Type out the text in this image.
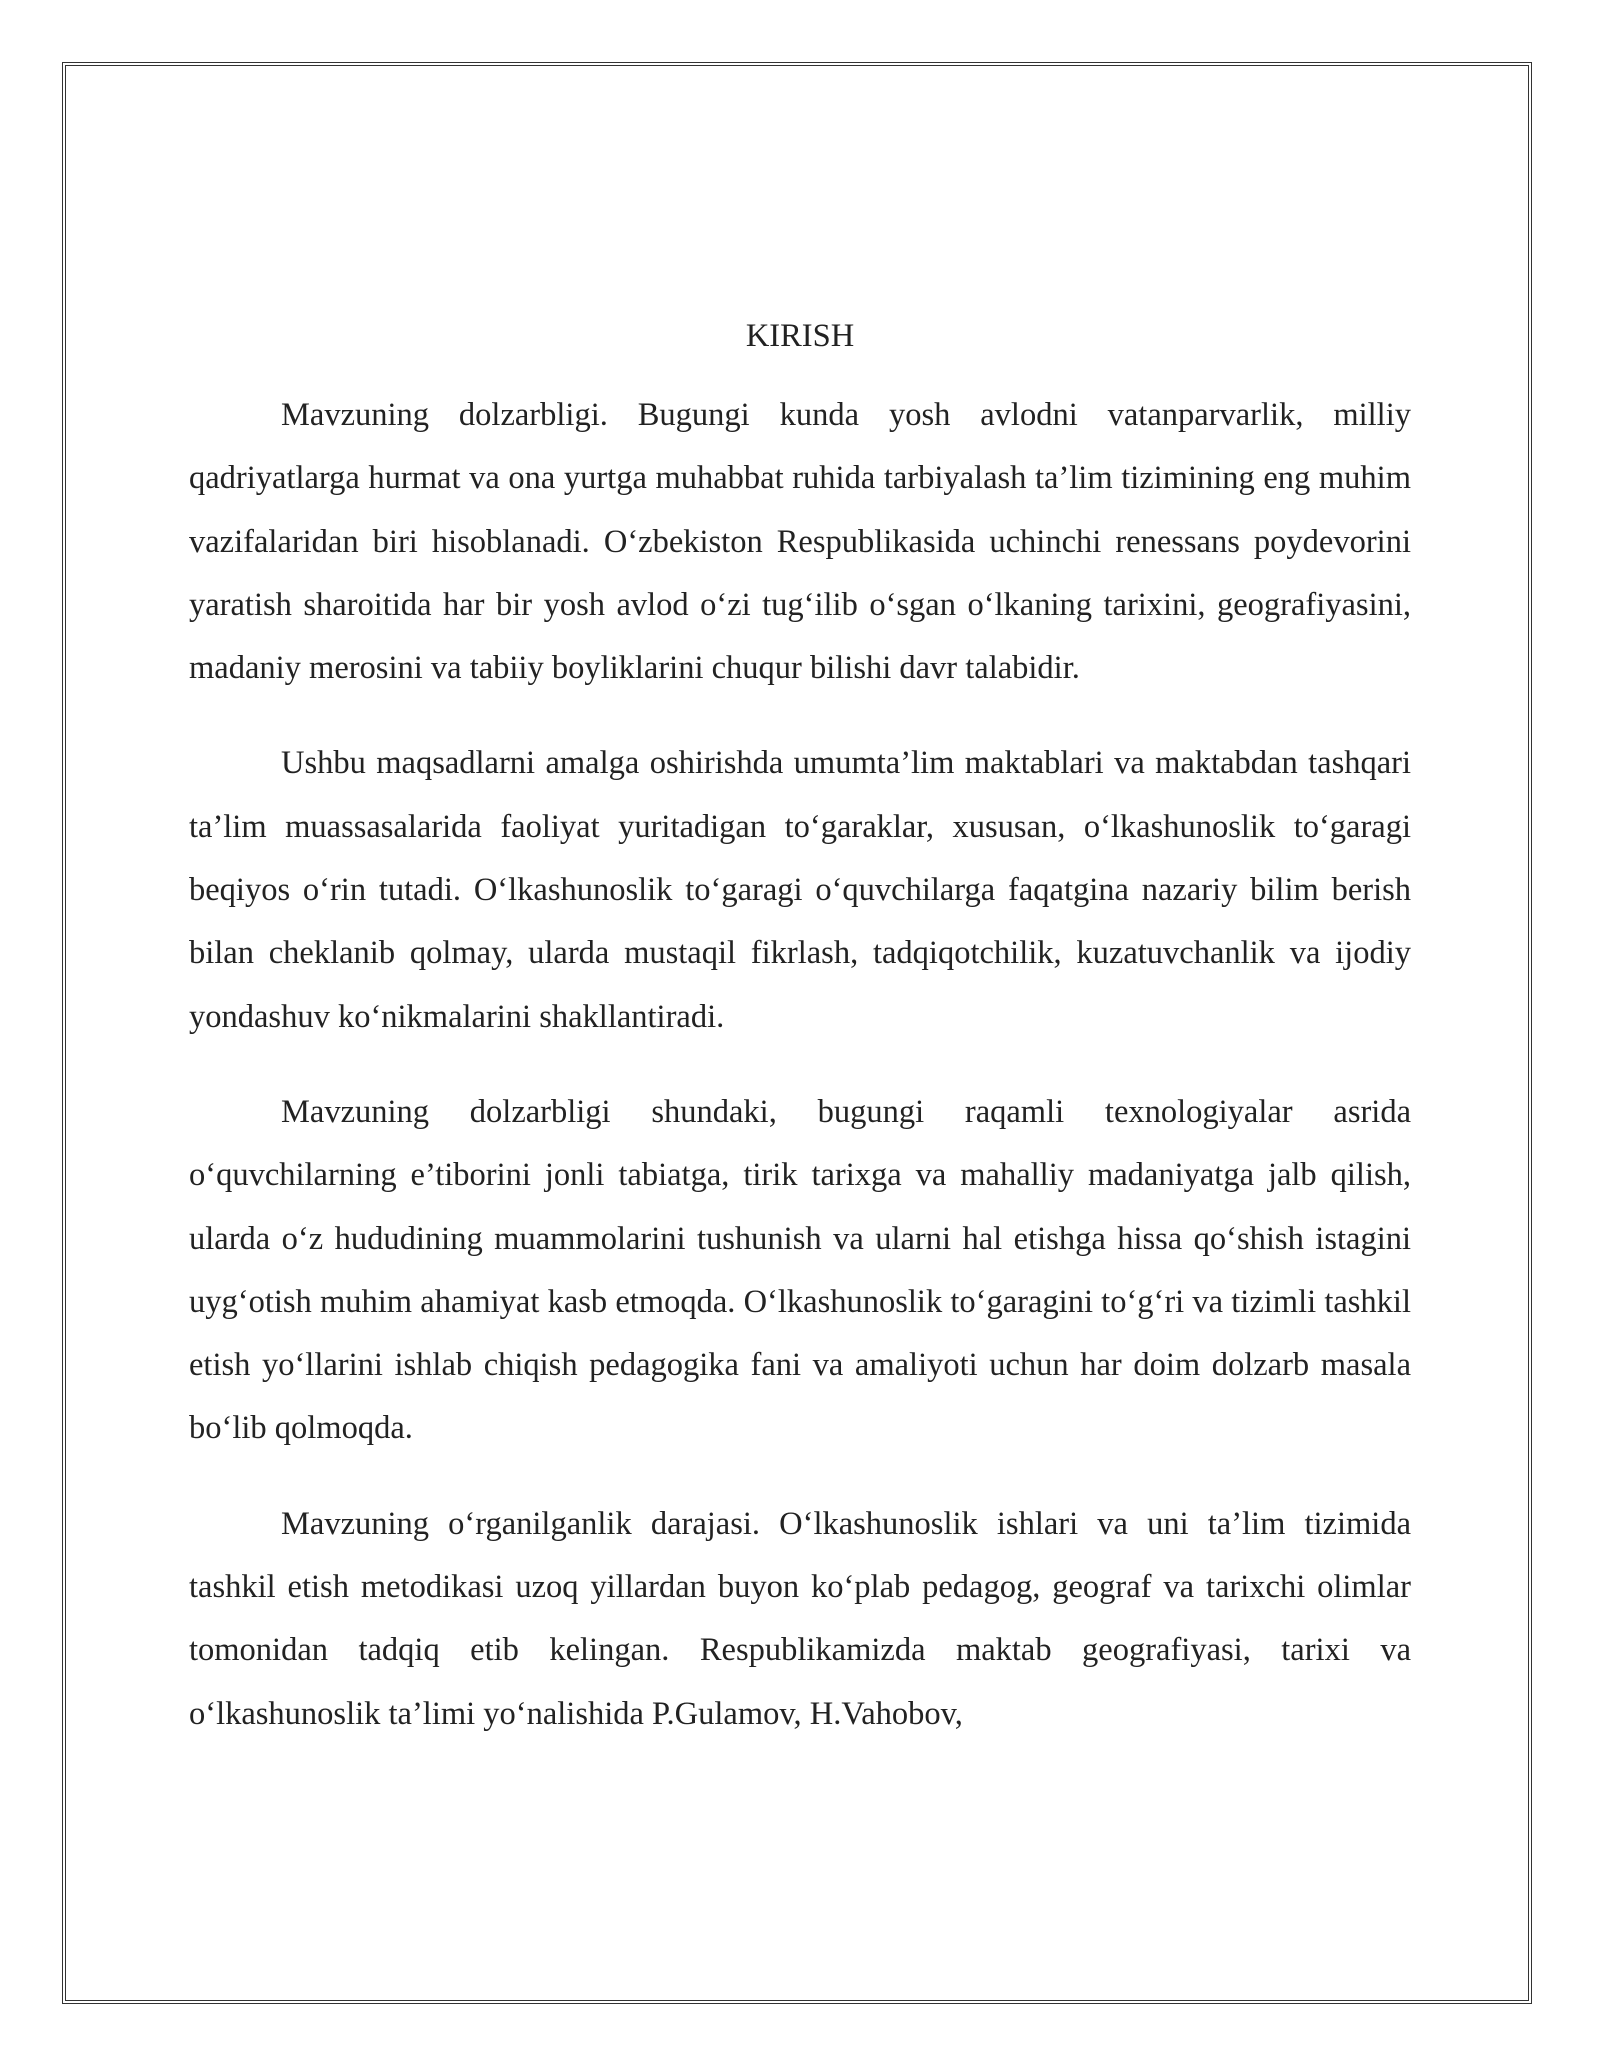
KIRISH

Mavzuning dolzarbligi. Bugungi kunda yosh avlodni vatanparvarlik, milliy qadriyatlarga hurmat va ona yurtga muhabbat ruhida tarbiyalash ta’lim tizimining eng muhim vazifalaridan biri hisoblanadi. O‘zbekiston Respublikasida uchinchi renessans poydevorini yaratish sharoitida har bir yosh avlod o‘zi tug‘ilib o‘sgan o‘lkaning tarixini, geografiyasini, madaniy merosini va tabiiy boyliklarini chuqur bilishi davr talabidir.

Ushbu maqsadlarni amalga oshirishda umumta’lim maktablari va maktabdan tashqari ta’lim muassasalarida faoliyat yuritadigan to‘garaklar, xususan, o‘lkashunoslik to‘garagi beqiyos o‘rin tutadi. O‘lkashunoslik to‘garagi o‘quvchilarga faqatgina nazariy bilim berish bilan cheklanib qolmay, ularda mustaqil fikrlash, tadqiqotchilik, kuzatuvchanlik va ijodiy yondashuv ko‘nikmalarini shakllantiradi.

Mavzuning dolzarbligi shundaki, bugungi raqamli texnologiyalar asrida o‘quvchilarning e’tiborini jonli tabiatga, tirik tarixga va mahalliy madaniyatga jalb qilish, ularda o‘z hududining muammolarini tushunish va ularni hal etishga hissa qo‘shish istagini uyg‘otish muhim ahamiyat kasb etmoqda. O‘lkashunoslik to‘garagini to‘g‘ri va tizimli tashkil etish yo‘llarini ishlab chiqish pedagogika fani va amaliyoti uchun har doim dolzarb masala bo‘lib qolmoqda.

Mavzuning o‘rganilganlik darajasi. O‘lkashunoslik ishlari va uni ta’lim tizimida tashkil etish metodikasi uzoq yillardan buyon ko‘plab pedagog, geograf va tarixchi olimlar tomonidan tadqiq etib kelingan. Respublikamizda maktab geografiyasi, tarixi va o‘lkashunoslik ta’limi yo‘nalishida P.Gulamov, H.Vahobov,
